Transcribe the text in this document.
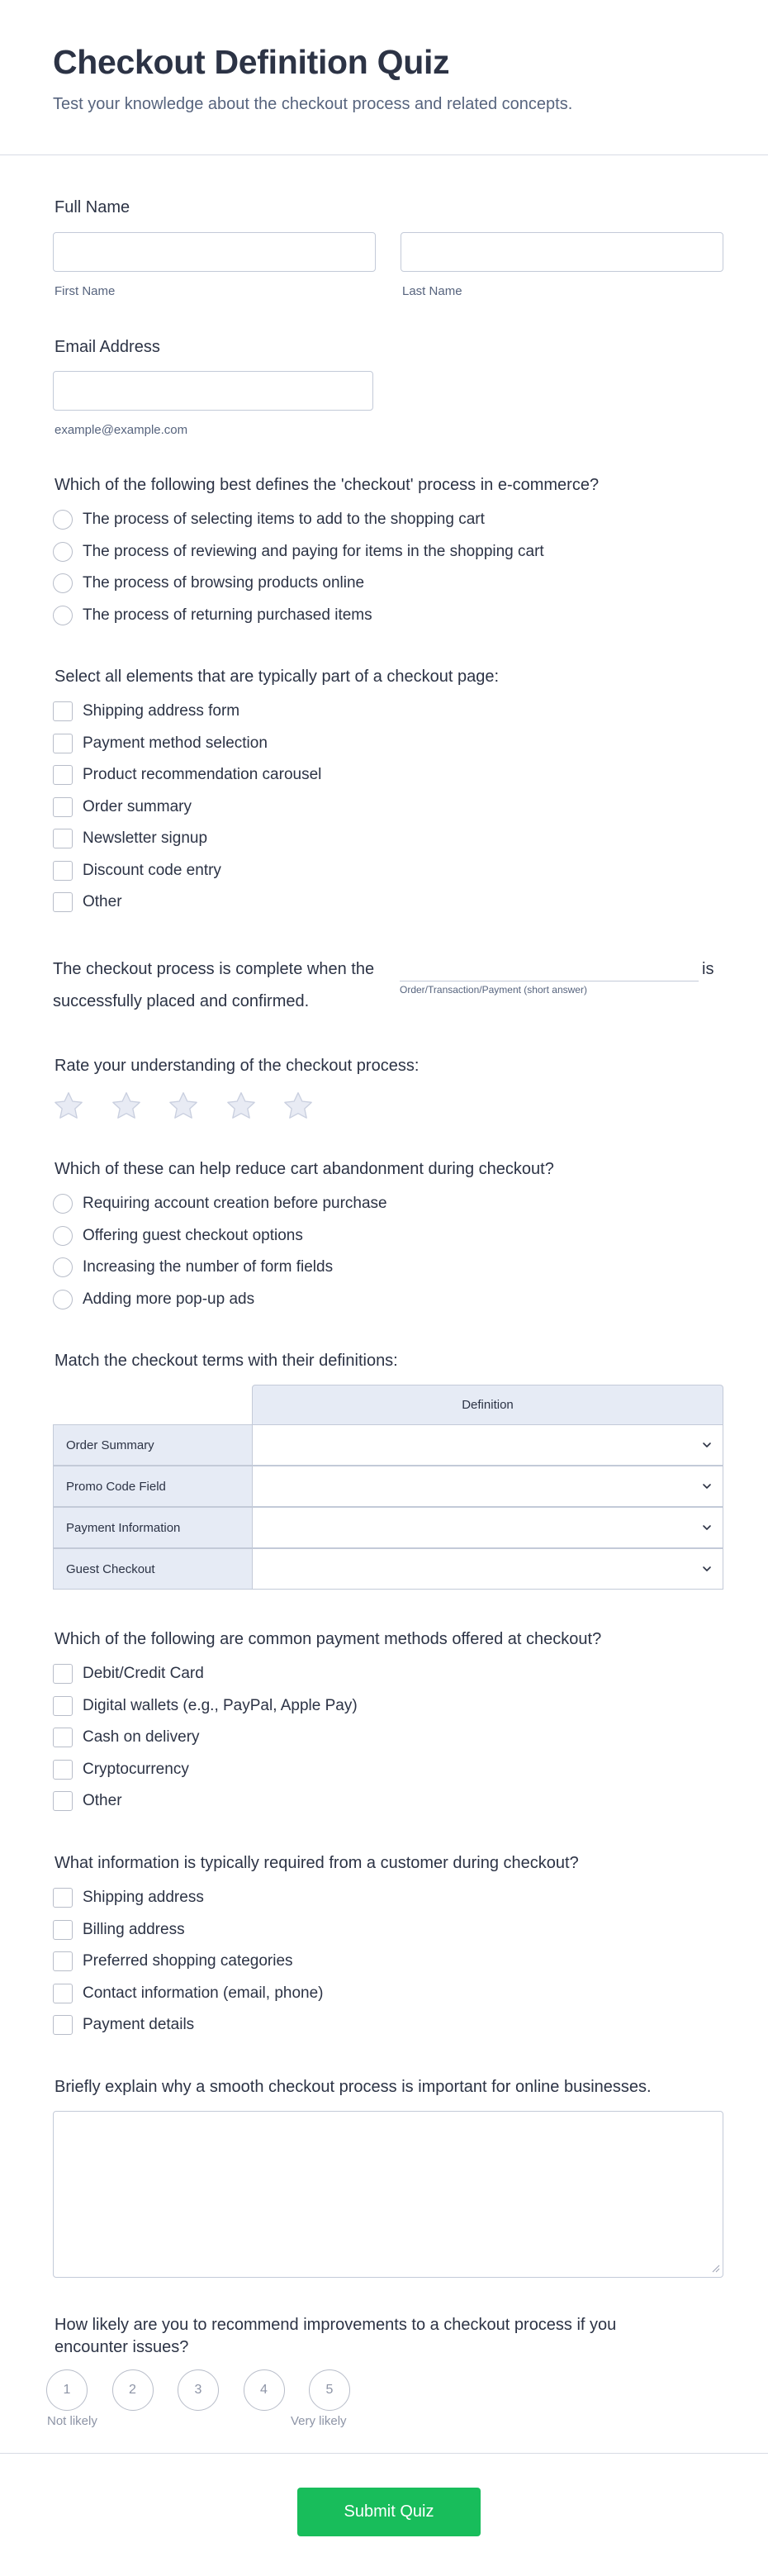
Checkout Definition Quiz

Test your knowledge about the checkout process and related concepts.

Full Name
First Name	Last Name
Email Address
example@example.com
Which of the following best defines the 'checkout' process in e-commerce?
The process of selecting items to add to the shopping cart
The process of reviewing and paying for items in the shopping cart
The process of browsing products online
The process of returning purchased items
Select all elements that are typically part of a checkout page:
Shipping address form
Payment method selection
Product recommendation carousel
Order summary
Newsletter signup
Discount code entry
Other
The checkout process is complete when the	is
Order/Transaction/Payment (short answer)
successfully placed and confirmed.
Rate your understanding of the checkout process:
Which of these can help reduce cart abandonment during checkout?
Requiring account creation before purchase
Offering guest checkout options
Increasing the number of form fields
Adding more pop-up ads
Match the checkout terms with their definitions:
Definition
Order Summary
Promo Code Field
Payment Information
Guest Checkout
Which of the following are common payment methods offered at checkout?
Debit/Credit Card
Digital wallets (e.g., PayPal, Apple Pay)
Cash on delivery
Cryptocurrency
Other
What information is typically required from a customer during checkout?
Shipping address
Billing address
Preferred shopping categories
Contact information (email, phone)
Payment details
Briefly explain why a smooth checkout process is important for online businesses.
How likely are you to recommend improvements to a checkout process if you
encounter issues?
1	2	3	4	5
Not likely	Very likely
Submit Quiz
